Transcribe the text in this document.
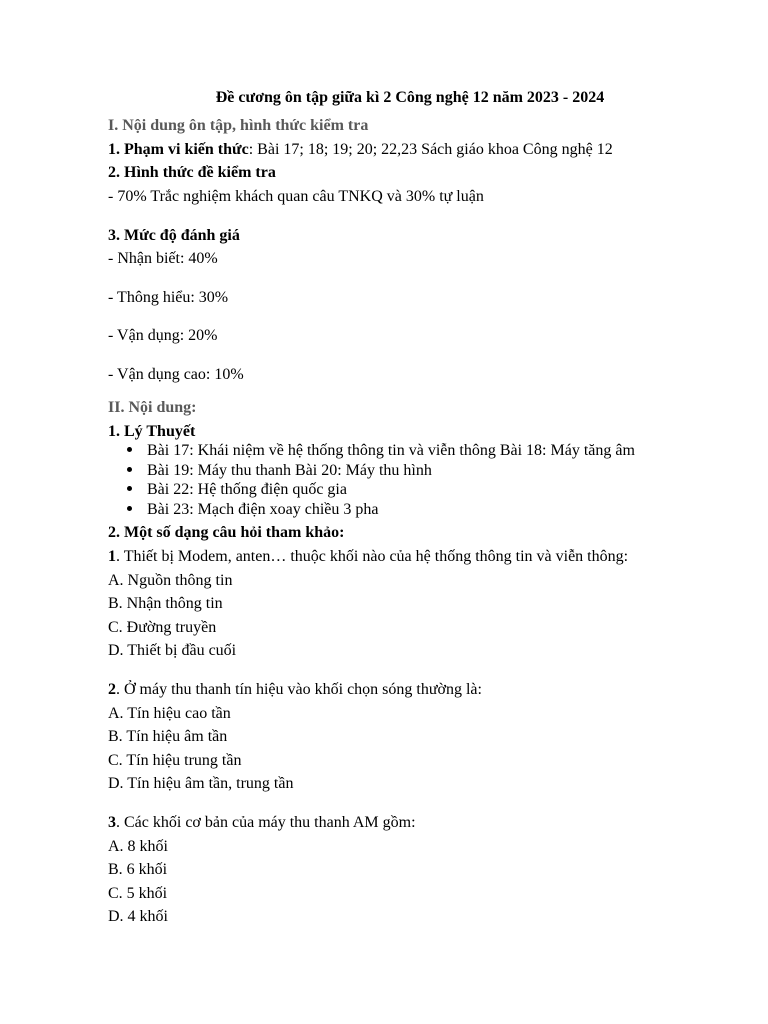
Đề cương ôn tập giữa kì 2 Công nghệ 12 năm 2023 - 2024
I. Nội dung ôn tập, hình thức kiểm tra
1. Phạm vi kiến thức: Bài 17; 18; 19; 20; 22,23 Sách giáo khoa Công nghệ 12
2. Hình thức đề kiểm tra
- 70% Trắc nghiệm khách quan câu TNKQ và 30% tự luận
3. Mức độ đánh giá
- Nhận biết: 40%
- Thông hiểu: 30%
- Vận dụng: 20%
- Vận dụng cao: 10%
II. Nội dung:
1. Lý Thuyết
Bài 17: Khái niệm về hệ thống thông tin và viễn thông Bài 18: Máy tăng âm
Bài 19: Máy thu thanh Bài 20: Máy thu hình
Bài 22: Hệ thống điện quốc gia
Bài 23: Mạch điện xoay chiều 3 pha
2. Một số dạng câu hỏi tham khảo:
1. Thiết bị Modem, anten… thuộc khối nào của hệ thống thông tin và viễn thông:
A. Nguồn thông tin
B. Nhận thông tin
C. Đường truyền
D. Thiết bị đầu cuối
2. Ở máy thu thanh tín hiệu vào khối chọn sóng thường là:
A. Tín hiệu cao tần
B. Tín hiệu âm tần
C. Tín hiệu trung tần
D. Tín hiệu âm tần, trung tần
3. Các khối cơ bản của máy thu thanh AM gồm:
A. 8 khối
B. 6 khối
C. 5 khối
D. 4 khối
